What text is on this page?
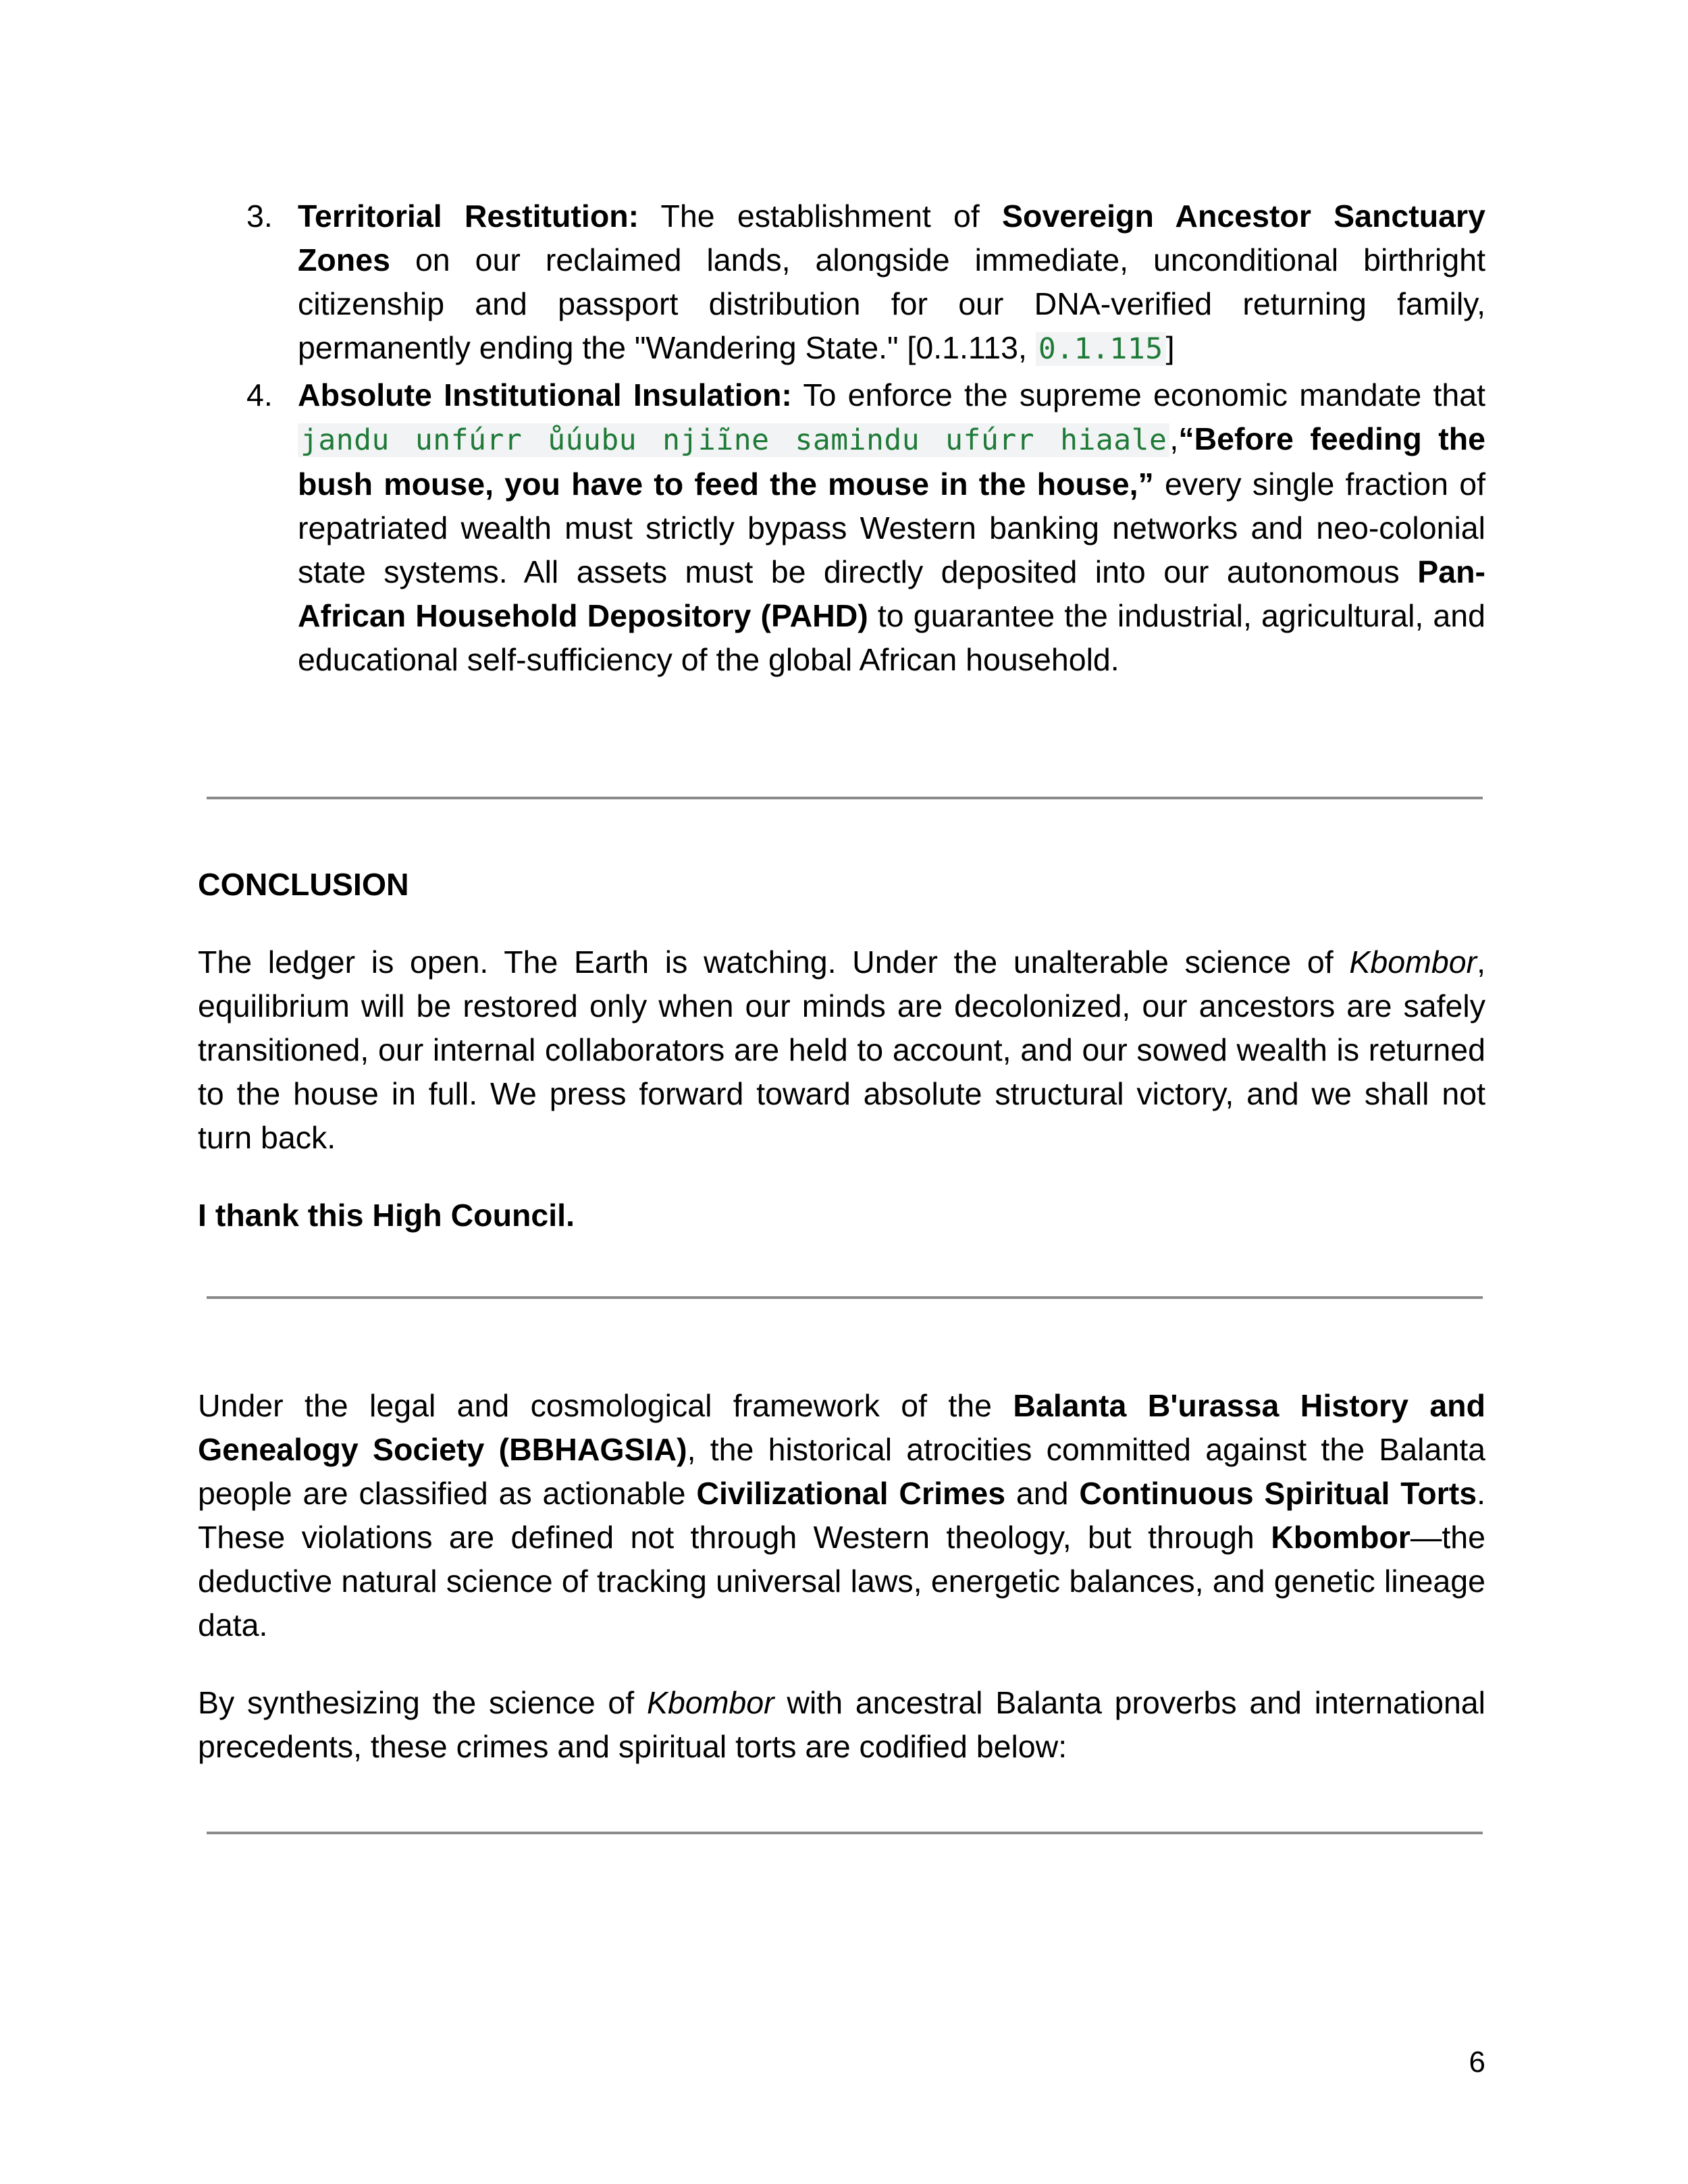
3. Territorial Restitution: The establishment of Sovereign Ancestor Sanctuary Zones on our reclaimed lands, alongside immediate, unconditional birthright citizenship and passport distribution for our DNA-verified returning family, permanently ending the "Wandering State." [0.1.113, 0.1.115]

4. Absolute Institutional Insulation: To enforce the supreme economic mandate that jandu unfúrr ůúubu njiĩne samindu ufúrr hiaale,“Before feeding the bush mouse, you have to feed the mouse in the house,” every single fraction of repatriated wealth must strictly bypass Western banking networks and neo-colonial state systems. All assets must be directly deposited into our autonomous Pan-African Household Depository (PAHD) to guarantee the industrial, agricultural, and educational self-sufficiency of the global African household.

CONCLUSION

The ledger is open. The Earth is watching. Under the unalterable science of Kbombor, equilibrium will be restored only when our minds are decolonized, our ancestors are safely transitioned, our internal collaborators are held to account, and our sowed wealth is returned to the house in full. We press forward toward absolute structural victory, and we shall not turn back.

I thank this High Council.

Under the legal and cosmological framework of the Balanta B'urassa History and Genealogy Society (BBHAGSIA), the historical atrocities committed against the Balanta people are classified as actionable Civilizational Crimes and Continuous Spiritual Torts. These violations are defined not through Western theology, but through Kbombor—the deductive natural science of tracking universal laws, energetic balances, and genetic lineage data.

By synthesizing the science of Kbombor with ancestral Balanta proverbs and international precedents, these crimes and spiritual torts are codified below:

6
